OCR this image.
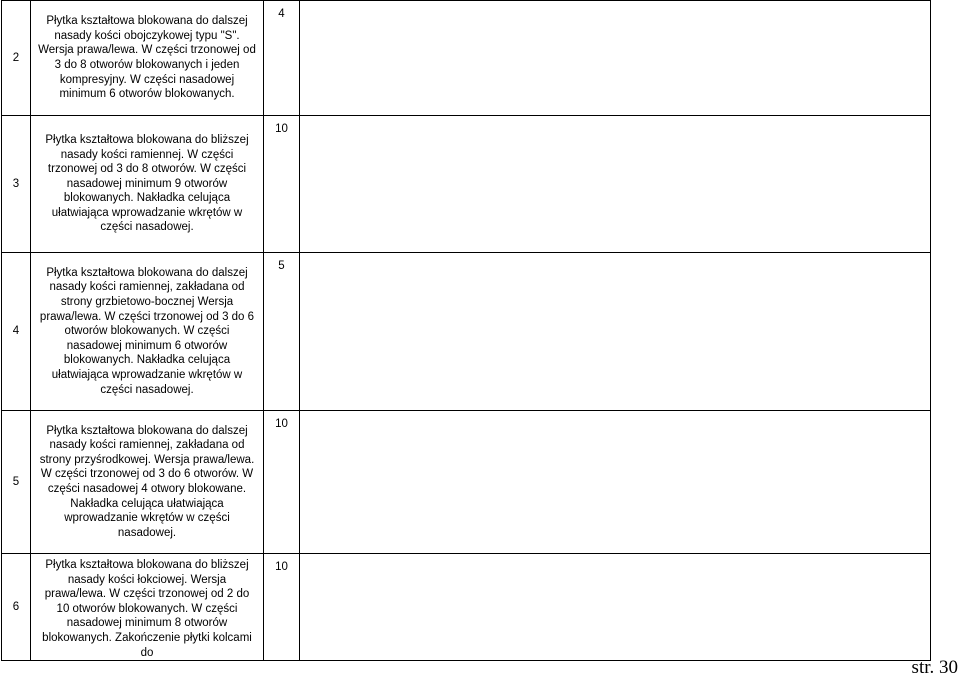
2	Płytka kształtowa blokowana do dalszej nasady kości obojczykowej typu "S". Wersja prawa/lewa. W części trzonowej od 3 do 8 otworów blokowanych i jeden kompresyjny. W części nasadowej minimum 6 otworów blokowanych.	4	

3	Płytka kształtowa blokowana do bliższej nasady kości ramiennej. W części trzonowej od 3 do 8 otworów. W części nasadowej minimum 9 otworów blokowanych. Nakładka celująca ułatwiająca wprowadzanie wkrętów w części nasadowej.	10	

4	Płytka kształtowa blokowana do dalszej nasady kości ramiennej, zakładana od strony grzbietowo-bocznej Wersja prawa/lewa. W części trzonowej od 3 do 6 otworów blokowanych. W części nasadowej minimum 6 otworów blokowanych. Nakładka celująca ułatwiająca wprowadzanie wkrętów w części nasadowej.	5	

5	Płytka kształtowa blokowana do dalszej nasady kości ramiennej, zakładana od strony przyśrodkowej. Wersja prawa/lewa. W części trzonowej od 3 do 6 otworów. W części nasadowej 4 otwory blokowane. Nakładka celująca ułatwiająca wprowadzanie wkrętów w części nasadowej.	10	

6	Płytka kształtowa blokowana do bliższej nasady kości łokciowej. Wersja prawa/lewa. W części trzonowej od 2 do 10 otworów blokowanych. W części nasadowej minimum 8 otworów blokowanych. Zakończenie płytki kolcami do	10	

str. 30
